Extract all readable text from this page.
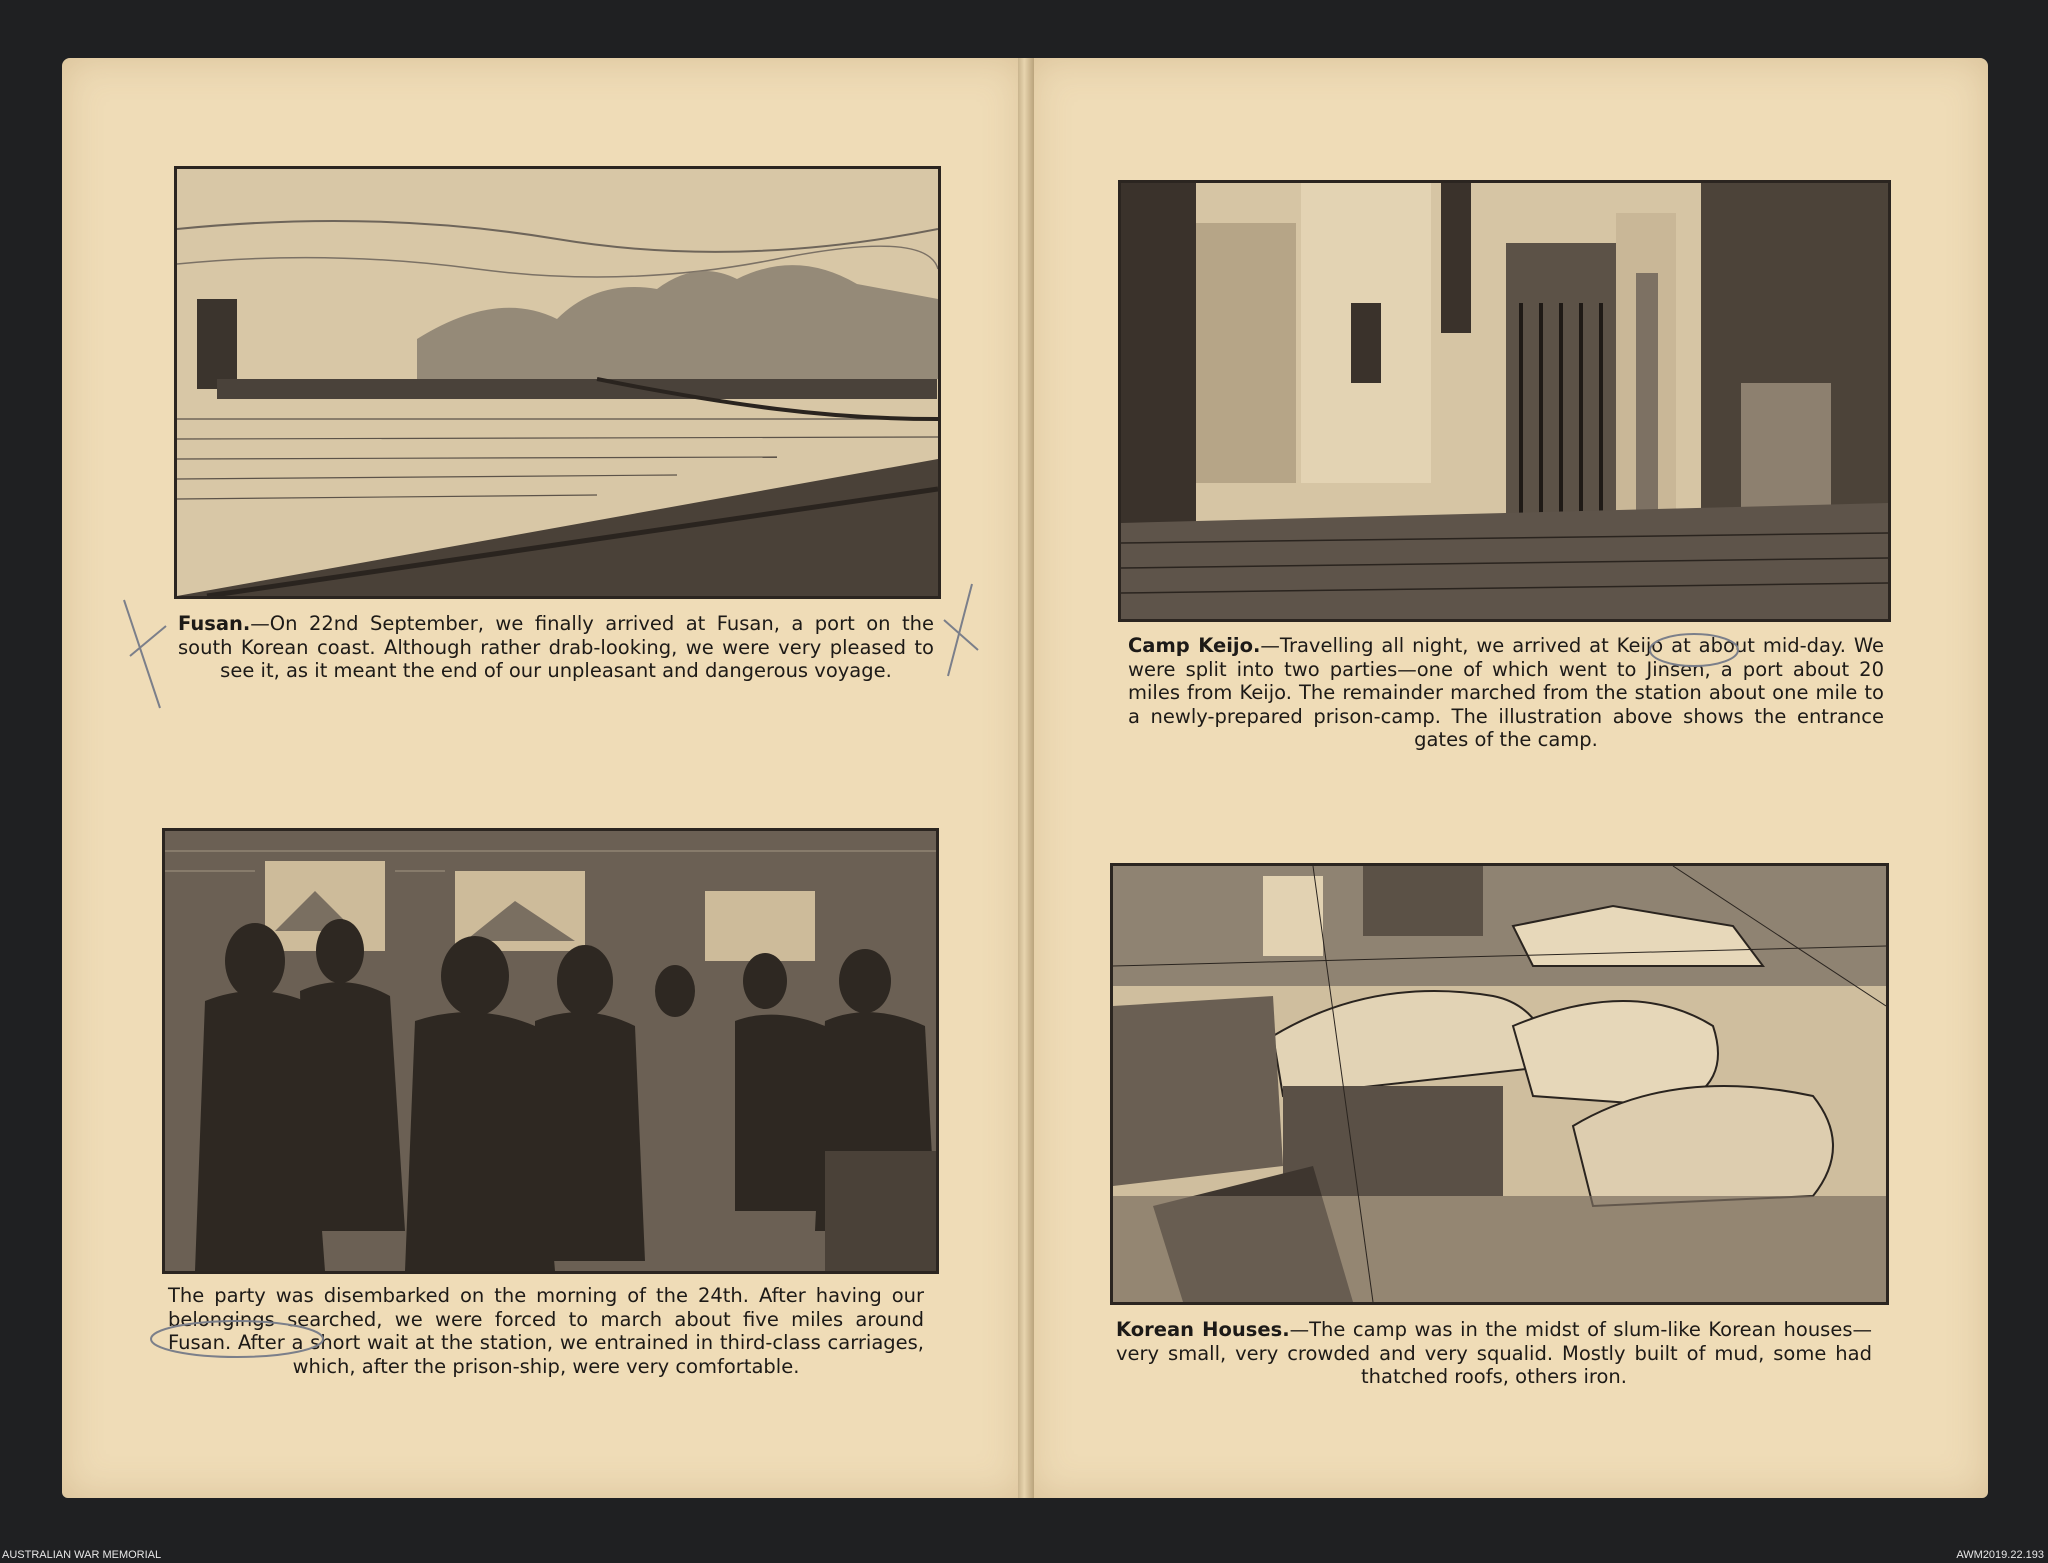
Fusan.—On 22nd September, we finally arrived at Fusan, a port on the south Korean coast. Although rather drab-looking, we were very pleased to see it, as it meant the end of our unpleasant and dangerous voyage.
The party was disembarked on the morning of the 24th. After having our belongings searched, we were forced to march about five miles around Fusan. After a short wait at the station, we entrained in third-class carriages, which, after the prison-ship, were very comfortable.
Camp Keijo.—Travelling all night, we arrived at Keijo at about mid-day. We were split into two parties—one of which went to Jinsen, a port about 20 miles from Keijo. The remainder marched from the station about one mile to a newly-prepared prison-camp. The illustration above shows the entrance gates of the camp.
Korean Houses.—The camp was in the midst of slum-like Korean houses—very small, very crowded and very squalid. Mostly built of mud, some had thatched roofs, others iron.
AUSTRALIAN WAR MEMORIAL	AWM2019.22.193
